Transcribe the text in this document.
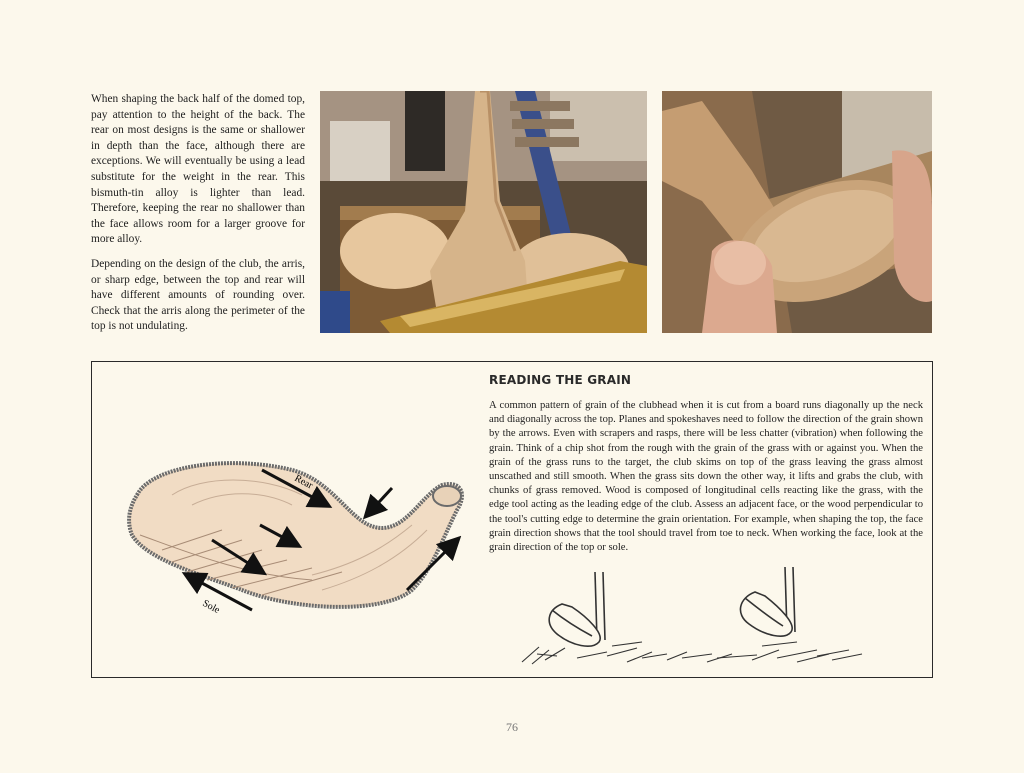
When shaping the back half of the domed top, pay attention to the height of the back. The rear on most designs is the same or shallower in depth than the face, although there are exceptions. We will eventually be using a lead substitute for the weight in the rear. This bismuth-tin alloy is lighter than lead. Therefore, keeping the rear no shallower than the face allows room for a larger groove for more alloy.

Depending on the design of the club, the arris, or sharp edge, between the top and rear will have different amounts of rounding over. Check that the arris along the perimeter of the top is not undulating.

READING THE GRAIN

A common pattern of grain of the clubhead when it is cut from a board runs diagonally up the neck and diagonally across the top. Planes and spokeshaves need to follow the direction of the grain shown by the arrows. Even with scrapers and rasps, there will be less chatter (vibration) when following the grain. Think of a chip shot from the rough with the grain of the grass with or against you. When the grain of the grass runs to the target, the club skims on top of the grass leaving the grass almost unscathed and still smooth. When the grass sits down the other way, it lifts and grabs the club, with chunks of grass removed. Wood is composed of longitudinal cells reacting like the grass, with the edge tool acting as the leading edge of the club. Assess an adjacent face, or the wood perpendicular to the tool's cutting edge to determine the grain orientation. For example, when shaping the top, the face grain direction shows that the tool should travel from toe to neck. When working the face, look at the grain direction of the top or sole.

Rear
Sole
76
